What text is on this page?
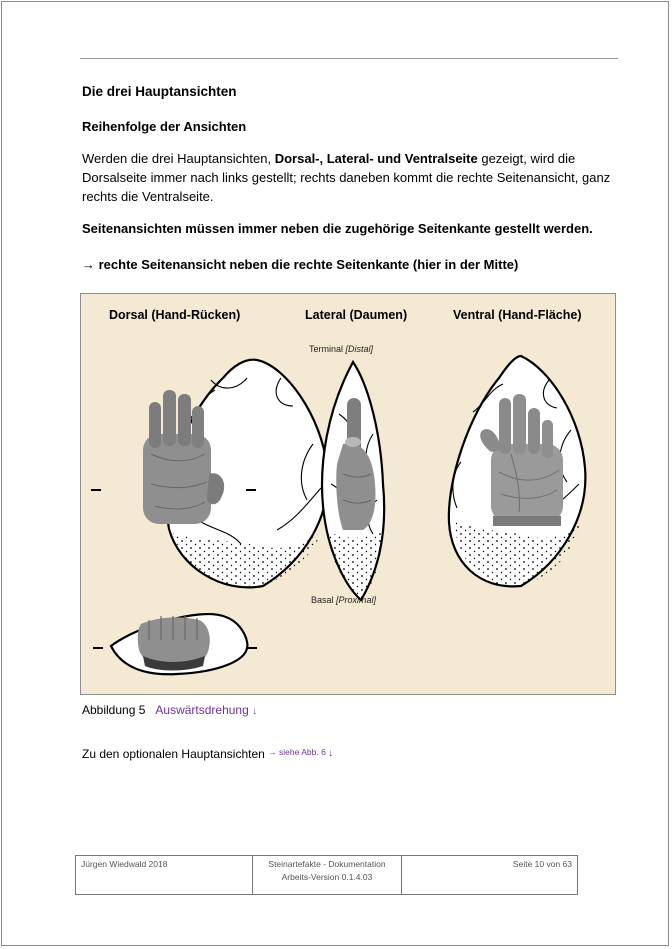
Die drei Hauptansichten
Reihenfolge der Ansichten

Werden die drei Hauptansichten, Dorsal-, Lateral- und Ventralseite gezeigt, wird die Dorsalseite immer nach links gestellt; rechts daneben kommt die rechte Seitenansicht, ganz rechts die Ventralseite.

Seitenansichten müssen immer neben die zugehörige Seitenkante gestellt werden.

→ rechte Seitenansicht neben die rechte Seitenkante (hier in der Mitte)

Dorsal (Hand-Rücken)	Lateral (Daumen)	Ventral (Hand-Fläche)
Terminal [Distal]
Basal [Proximal]

Abbildung 5 Auswärtsdrehung ↓

Zu den optionalen Hauptansichten $^{\to siehe Abb. 6}$ ↓

Jürgen Wiedwald 2018	Steinartefakte - Dokumentation
Arbeits-Version 0.1.4.03
Seite 10 von 63
